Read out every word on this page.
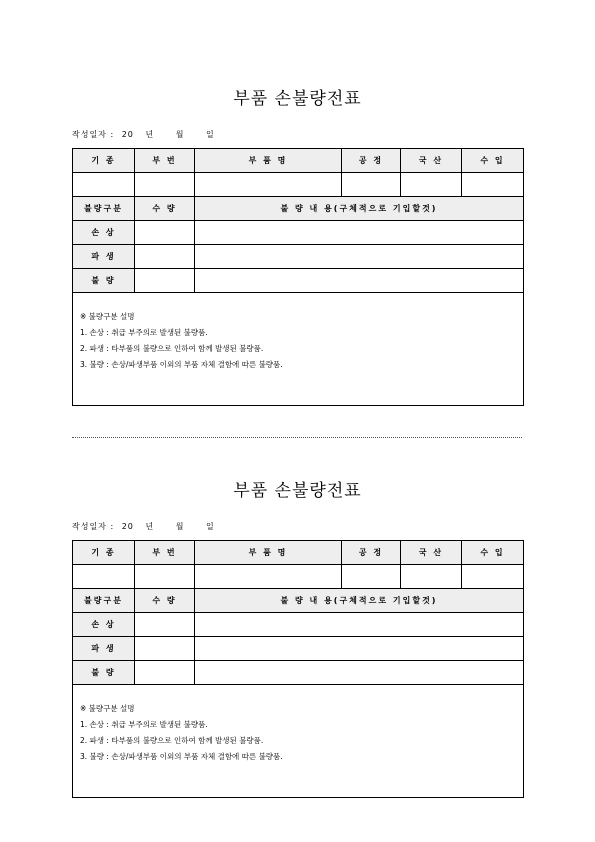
부품 손불량전표
작성일자 : 20 년	월	일
기 종	부 번	부 품 명	공 정	국 산	수 입

불량구분	수 량	불 량 내 용(구체적으로 기입할것)			
손 상					
파 생					
불 량					

※ 불량구분 설명
1. 손상 : 취급 부주의로 발생된 불량품.
2. 파생 : 타부품의 불량으로 인하여 함께 발생된 불량품.
3. 불량 : 손상/파생부품 이외의 부품 자체 결함에 따른 불량품.					
부품 손불량전표
작성일자 : 20 년	월	일
기 종	부 번	부 품 명	공 정	국 산	수 입

불량구분	수 량	불 량 내 용(구체적으로 기입할것)			
손 상					
파 생					
불 량					

※ 불량구분 설명
1. 손상 : 취급 부주의로 발생된 불량품.
2. 파생 : 타부품의 불량으로 인하여 함께 발생된 불량품.
3. 불량 : 손상/파생부품 이외의 부품 자체 결함에 따른 불량품.					
